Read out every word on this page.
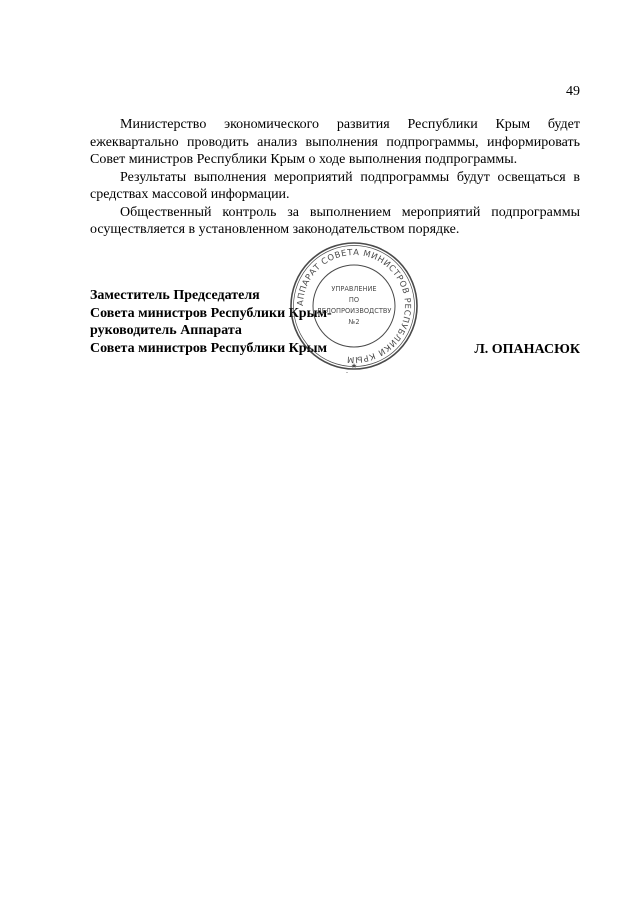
49

Министерство экономического развития Республики Крым будет ежеквартально проводить анализ выполнения подпрограммы, информировать Совет министров Республики Крым о ходе выполнения подпрограммы.

Результаты выполнения мероприятий подпрограммы будут освещаться в средствах массовой информации.

Общественный контроль за выполнением мероприятий подпрограммы осуществляется в установленном законодательством порядке.

Заместитель Председателя
Совета министров Республики Крым-
руководитель Аппарата
Совета министров Республики Крым	Л. ОПАНАСЮК
АППАРАТ СОВЕТА МИНИСТРОВ РЕСПУБЛИКИ КРЫМ
★
УПРАВЛЕНИЕ
ПО
ДЕЛОПРОИЗВОДСТВУ
№2
